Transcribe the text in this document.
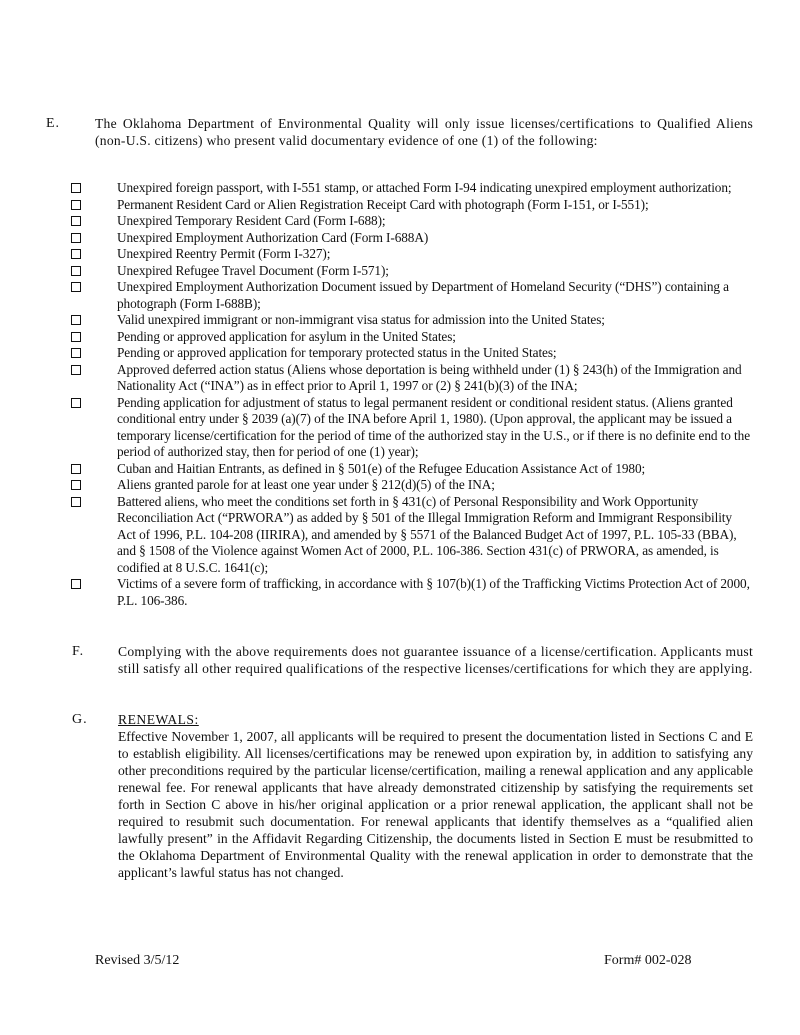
E.	The Oklahoma Department of Environmental Quality will only issue licenses/certifications to Qualified Aliens (non-U.S. citizens) who present valid documentary evidence of one (1) of the following:
Unexpired foreign passport, with I-551 stamp, or attached Form I-94 indicating unexpired employment authorization;
Permanent Resident Card or Alien Registration Receipt Card with photograph (Form I-151, or I-551);
Unexpired Temporary Resident Card (Form I-688);
Unexpired Employment Authorization Card (Form I-688A)
Unexpired Reentry Permit (Form I-327);
Unexpired Refugee Travel Document (Form I-571);
Unexpired Employment Authorization Document issued by Department of Homeland Security (“DHS”) containing a photograph (Form I-688B);
Valid unexpired immigrant or non-immigrant visa status for admission into the United States;
Pending or approved application for asylum in the United States;
Pending or approved application for temporary protected status in the United States;
Approved deferred action status (Aliens whose deportation is being withheld under (1) § 243(h) of the Immigration and Nationality Act (“INA”) as in effect prior to April 1, 1997 or (2) § 241(b)(3) of the INA;
Pending application for adjustment of status to legal permanent resident or conditional resident status. (Aliens granted conditional entry under § 2039 (a)(7) of the INA before April 1, 1980). (Upon approval, the applicant may be issued a temporary license/certification for the period of time of the authorized stay in the U.S., or if there is no definite end to the period of authorized stay, then for period of one (1) year);
Cuban and Haitian Entrants, as defined in § 501(e) of the Refugee Education Assistance Act of 1980;
Aliens granted parole for at least one year under § 212(d)(5) of the INA;
Battered aliens, who meet the conditions set forth in § 431(c) of Personal Responsibility and Work Opportunity Reconciliation Act (“PRWORA”) as added by § 501 of the Illegal Immigration Reform and Immigrant Responsibility Act of 1996, P.L. 104-208 (IIRIRA), and amended by § 5571 of the Balanced Budget Act of 1997, P.L. 105-33 (BBA), and § 1508 of the Violence against Women Act of 2000, P.L. 106-386. Section 431(c) of PRWORA, as amended, is codified at 8 U.S.C. 1641(c);
Victims of a severe form of trafficking, in accordance with § 107(b)(1) of the Trafficking Victims Protection Act of 2000, P.L. 106-386.
F. Complying with the above requirements does not guarantee issuance of a license/certification. Applicants must still satisfy all other required qualifications of the respective licenses/certifications for which they are applying.
G. RENEWALS:
Effective November 1, 2007, all applicants will be required to present the documentation listed in Sections C and E to establish eligibility. All licenses/certifications may be renewed upon expiration by, in addition to satisfying any other preconditions required by the particular license/certification, mailing a renewal application and any applicable renewal fee. For renewal applicants that have already demonstrated citizenship by satisfying the requirements set forth in Section C above in his/her original application or a prior renewal application, the applicant shall not be required to resubmit such documentation. For renewal applicants that identify themselves as a “qualified alien lawfully present” in the Affidavit Regarding Citizenship, the documents listed in Section E must be resubmitted to the Oklahoma Department of Environmental Quality with the renewal application in order to demonstrate that the applicant’s lawful status has not changed.
Revised 3/5/12	Form# 002-028
